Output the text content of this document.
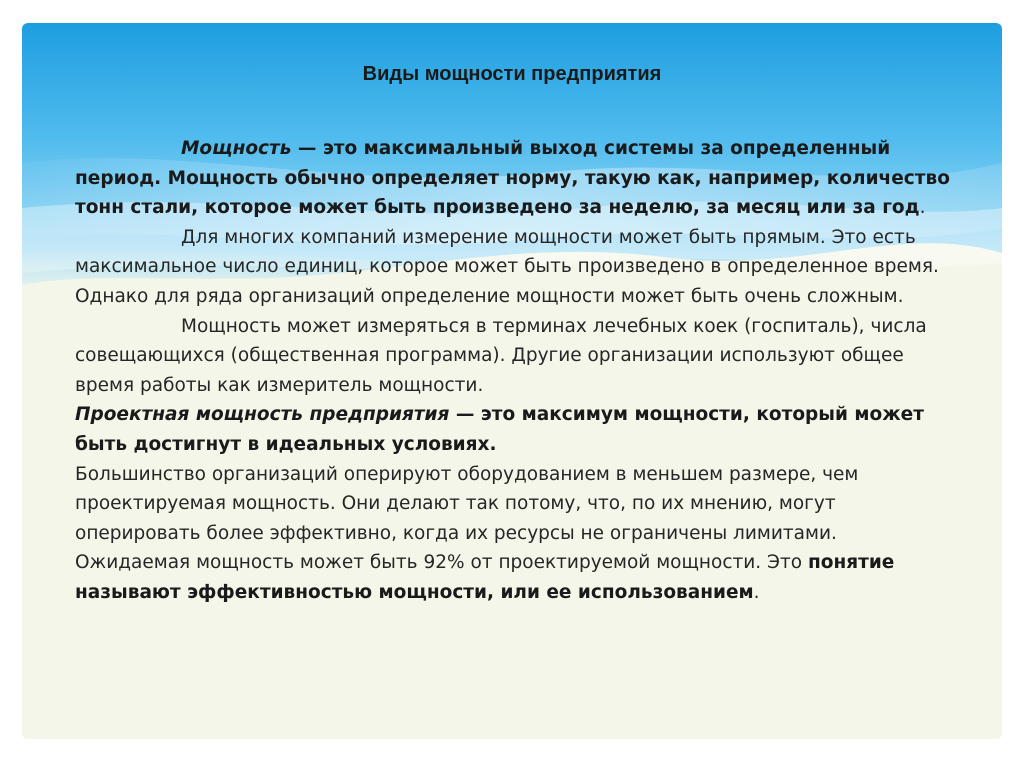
Виды мощности предприятия

Мощность — это максимальный выход системы за определенный период. Мощность обычно определяет норму, такую как, например, количество тонн стали, которое может быть произведено за неделю, за месяц или за год.

Для многих компаний измерение мощности может быть прямым. Это есть максимальное число единиц, которое может быть произведено в определенное время. Однако для ряда организаций определение мощности может быть очень сложным.

Мощность может измеряться в терминах лечебных коек (госпиталь), числа совещающихся (общественная программа). Другие организации используют общее время работы как измеритель мощности.

Проектная мощность предприятия — это максимум мощности, который может быть достигнут в идеальных условиях.

Большинство организаций оперируют оборудованием в меньшем размере, чем проектируемая мощность. Они делают так потому, что, по их мнению, могут оперировать более эффективно, когда их ресурсы не ограничены лимитами. Ожидаемая мощность может быть 92% от проектируемой мощности. Это понятие называют эффективностью мощности, или ее использованием.
